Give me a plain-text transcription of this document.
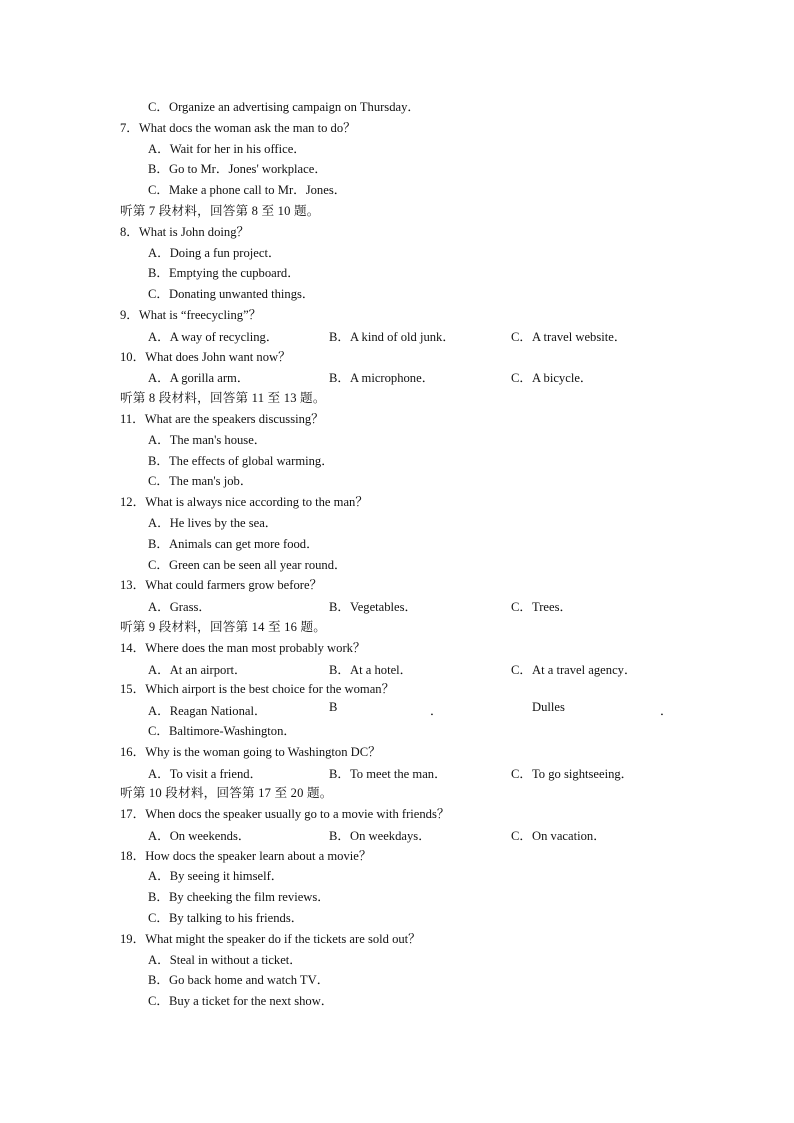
C．Organize an advertising campaign on Thursday．
7．What docs the woman ask the man to do？
A．Wait for her in his office．
B．Go to Mr．Jones' workplace．
C．Make a phone call to Mr．Jones．
听第 7 段材料，回答第 8 至 10 题。
8．What is John doing？
A．Doing a fun project．
B．Emptying the cupboard．
C．Donating unwanted things．
9．What is “freecycling”？
A．A way of recycling．	B．A kind of old junk．	C．A travel website．
10．What does John want now？
A．A gorilla arm．	B．A microphone．	C．A bicycle．
听第 8 段材料，回答第 11 至 13 题。
11．What are the speakers discussing？
A．The man's house．
B．The effects of global warming．
C．The man's job．
12．What is always nice according to the man？
A．He lives by the sea．
B．Animals can get more food．
C．Green can be seen all year round．
13．What could farmers grow before？
A．Grass．	B．Vegetables．	C．Trees．
听第 9 段材料，回答第 14 至 16 题。
14．Where does the man most probably work？
A．At an airport．	B．At a hotel．	C．At a travel agency．
15．Which airport is the best choice for the woman？
A．Reagan National．	B	．	Dulles	．
C．Baltimore-Washington．
16．Why is the woman going to Washington DC？
A．To visit a friend．	B．To meet the man．	C．To go sightseeing．
听第 10 段材料，回答第 17 至 20 题。
17．When docs the speaker usually go to a movie with friends？
A．On weekends．	B．On weekdays．	C．On vacation．
18．How docs the speaker learn about a movie？
A．By seeing it himself．
B．By cheeking the film reviews．
C．By talking to his friends．
19．What might the speaker do if the tickets are sold out？
A．Steal in without a ticket．
B．Go back home and watch TV．
C．Buy a ticket for the next show．
